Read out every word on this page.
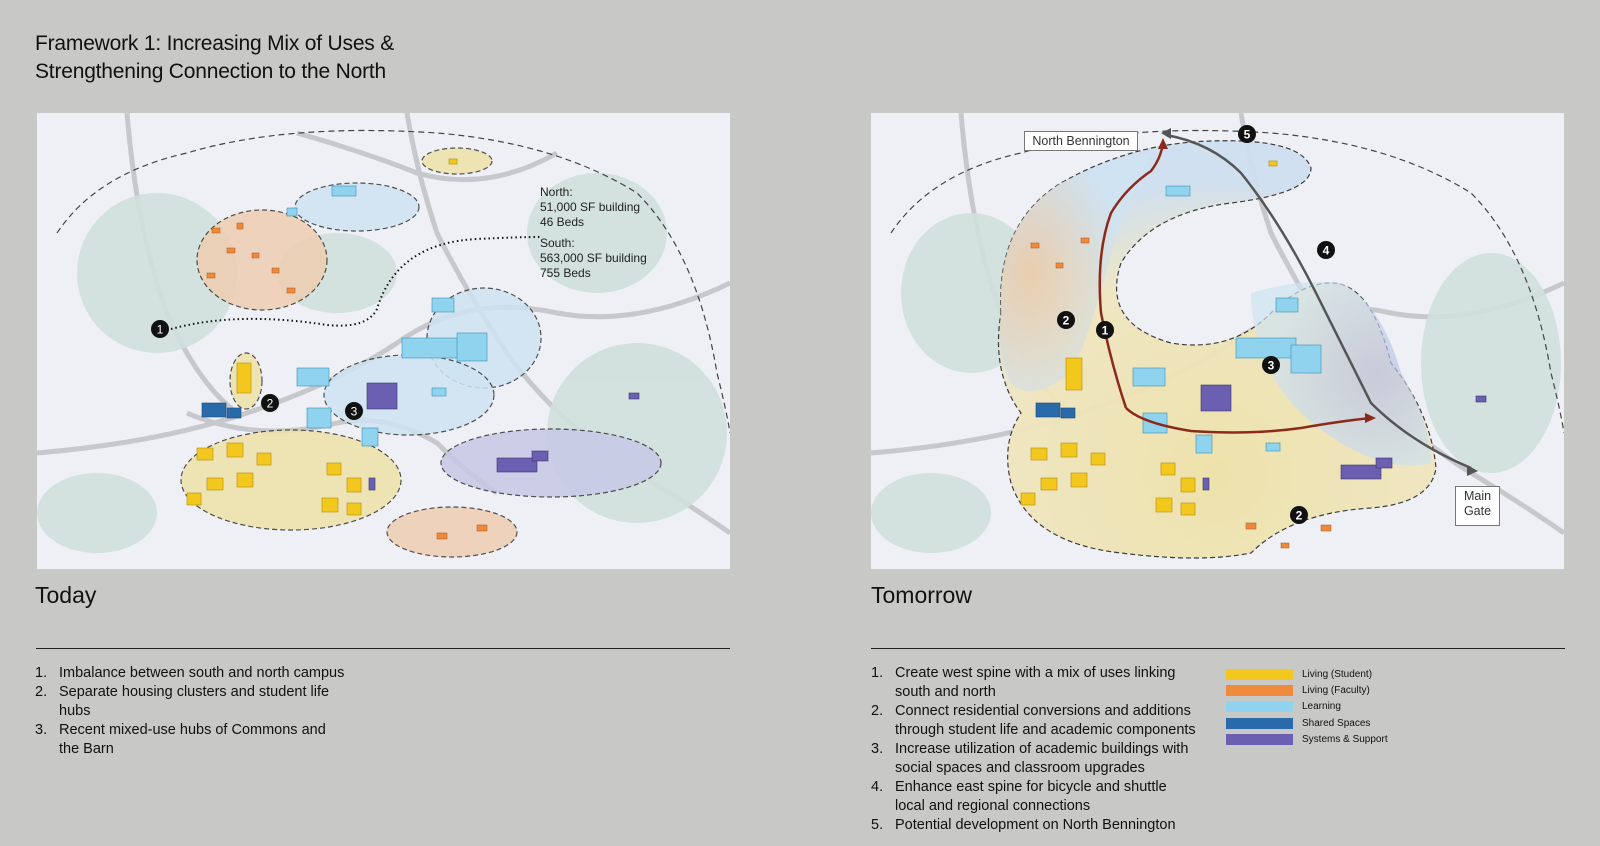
Framework 1: Increasing Mix of Uses &
Strengthening Connection to the North
1
2
3
North:
51,000 SF building
46 Beds
South:
563,000 SF building
755 Beds
1
2
2
3
4
5
North Bennington
Main
Gate
Today	Tomorrow
1. Imbalance between south and north campus
2. Separate housing clusters and student life hubs
3. Recent mixed-use hubs of Commons and the Barn
1. Create west spine with a mix of uses linking south and north
2. Connect residential conversions and additions through student life and academic components
3. Increase utilization of academic buildings with social spaces and classroom upgrades
4. Enhance east spine for bicycle and shuttle local and regional connections
5. Potential development on North Bennington
Living (Student)
Living (Faculty)
Learning
Shared Spaces
Systems & Support
